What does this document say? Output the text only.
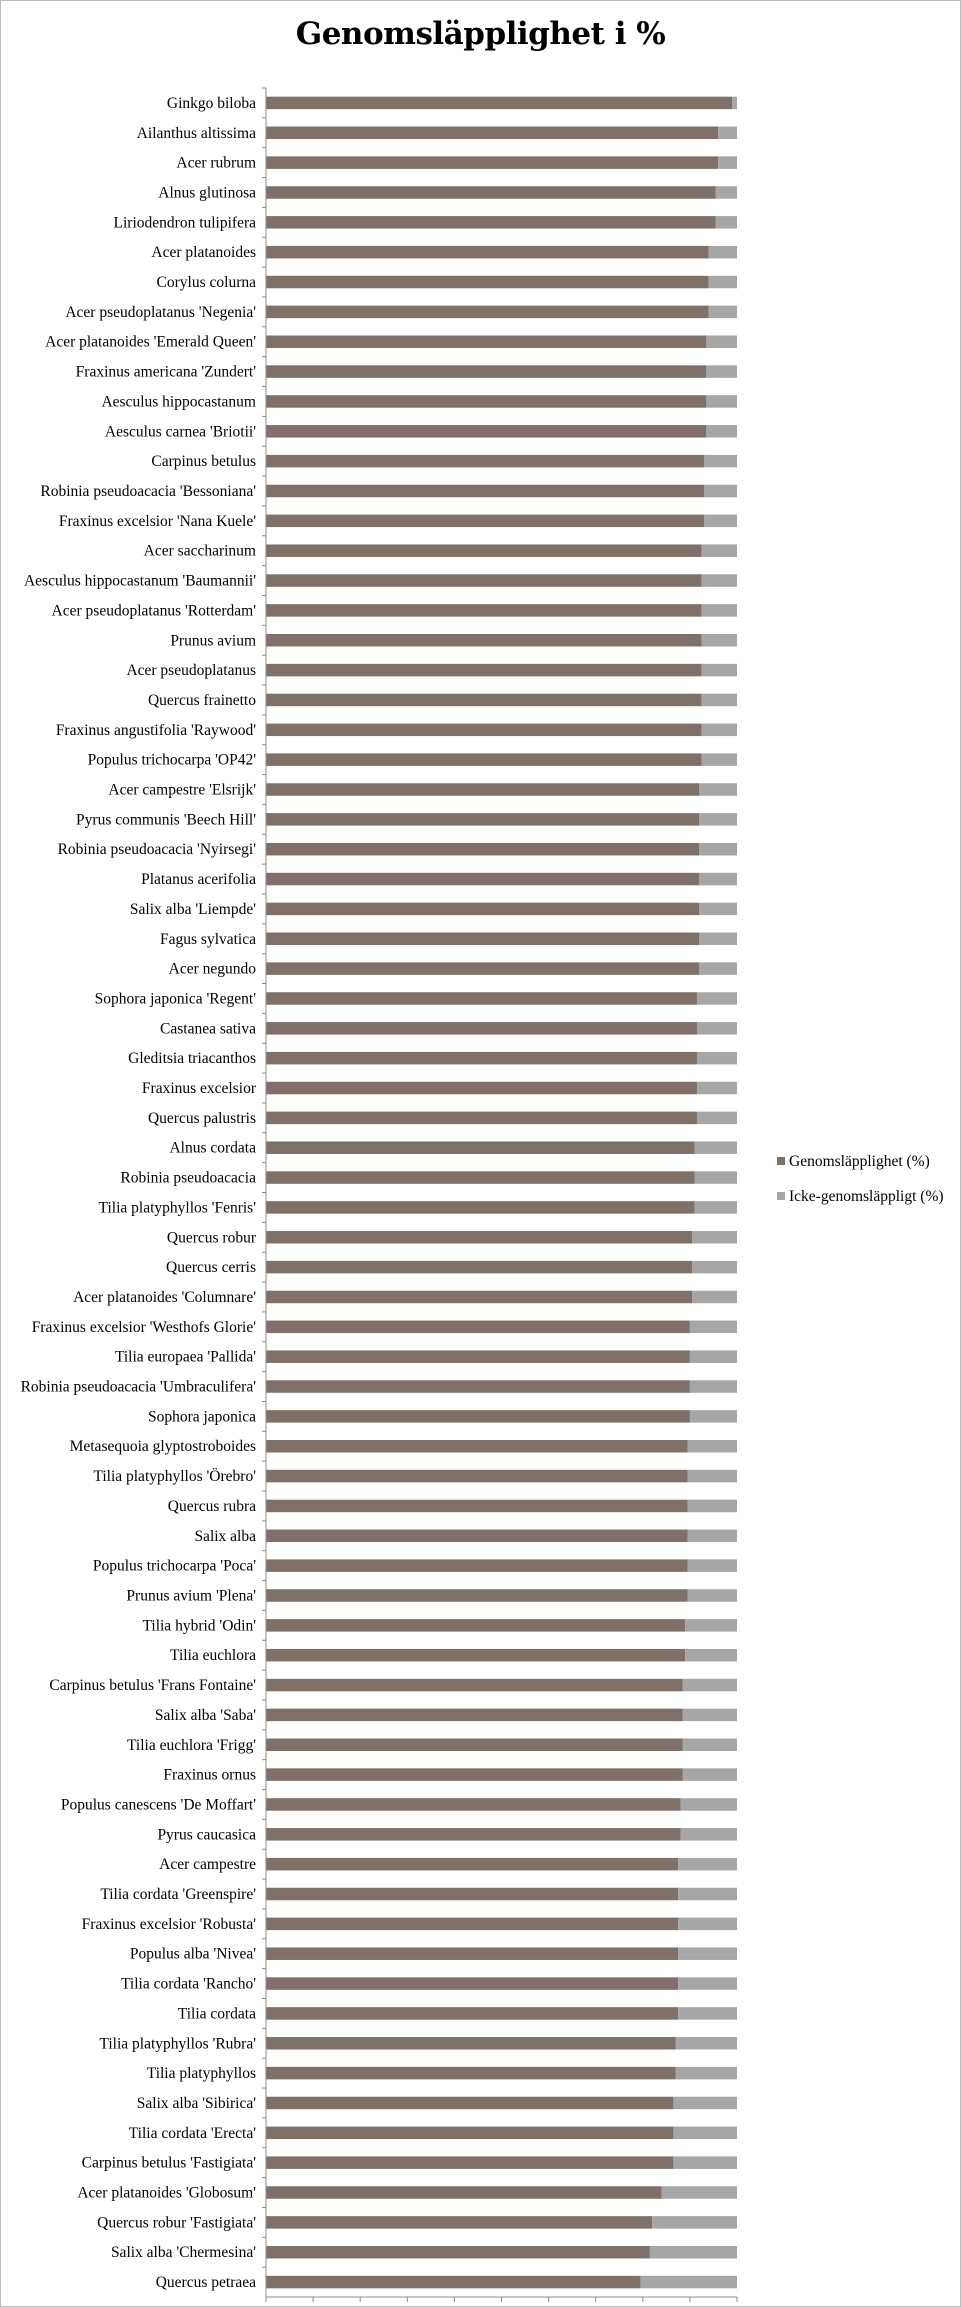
Genomsläpplighet i %
Ginkgo biloba
Ailanthus altissima
Acer rubrum
Alnus glutinosa
Liriodendron tulipifera
Acer platanoides
Corylus colurna
Acer pseudoplatanus 'Negenia'
Acer platanoides 'Emerald Queen'
Fraxinus americana 'Zundert'
Aesculus hippocastanum
Aesculus carnea 'Briotii'
Carpinus betulus
Robinia pseudoacacia 'Bessoniana'
Fraxinus excelsior 'Nana Kuele'
Acer saccharinum
Aesculus hippocastanum 'Baumannii'
Acer pseudoplatanus 'Rotterdam'
Prunus avium
Acer pseudoplatanus
Quercus frainetto
Fraxinus angustifolia 'Raywood'
Populus trichocarpa 'OP42'
Acer campestre 'Elsrijk'
Pyrus communis 'Beech Hill'
Robinia pseudoacacia 'Nyirsegi'
Platanus acerifolia
Salix alba 'Liempde'
Fagus sylvatica
Acer negundo
Sophora japonica 'Regent'
Castanea sativa
Gleditsia triacanthos
Fraxinus excelsior
Quercus palustris
Alnus cordata
Robinia pseudoacacia
Tilia platyphyllos 'Fenris'
Quercus robur
Quercus cerris
Acer platanoides 'Columnare'
Fraxinus excelsior 'Westhofs Glorie'
Tilia europaea 'Pallida'
Robinia pseudoacacia 'Umbraculifera'
Sophora japonica
Metasequoia glyptostroboides
Tilia platyphyllos 'Örebro'
Quercus rubra
Salix alba
Populus trichocarpa 'Poca'
Prunus avium 'Plena'
Tilia hybrid 'Odin'
Tilia euchlora
Carpinus betulus 'Frans Fontaine'
Salix alba 'Saba'
Tilia euchlora 'Frigg'
Fraxinus ornus
Populus canescens 'De Moffart'
Pyrus caucasica
Acer campestre
Tilia cordata 'Greenspire'
Fraxinus excelsior 'Robusta'
Populus alba 'Nivea'
Tilia cordata 'Rancho'
Tilia cordata
Tilia platyphyllos 'Rubra'
Tilia platyphyllos
Salix alba 'Sibirica'
Tilia cordata 'Erecta'
Carpinus betulus 'Fastigiata'
Acer platanoides 'Globosum'
Quercus robur 'Fastigiata'
Salix alba 'Chermesina'
Quercus petraea
Genomsläpplighet (%)
Icke-genomsläppligt (%)
